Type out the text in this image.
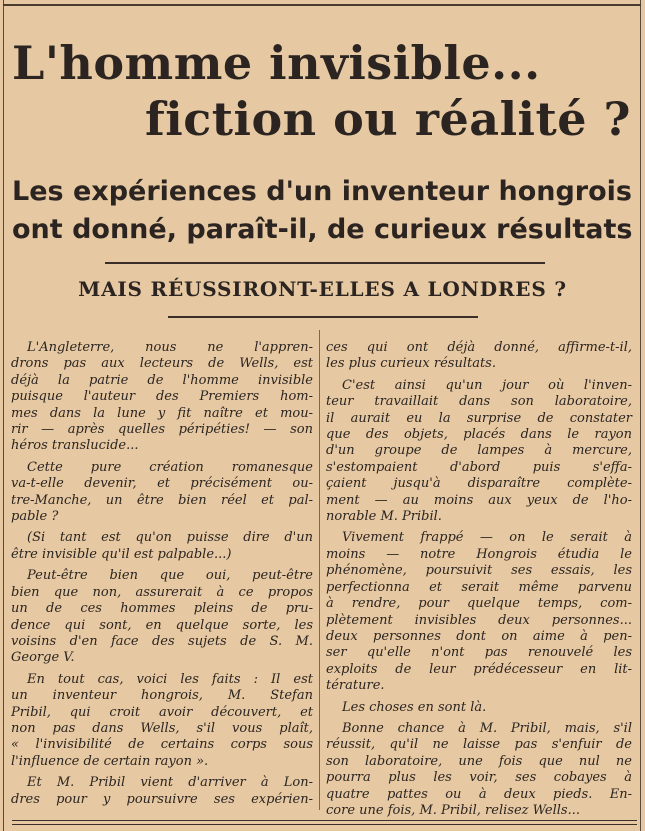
L'homme invisible...
fiction ou réalité ?
Les expériences d'un inventeur hongrois
ont donné, paraît-il, de curieux résultats
MAIS RÉUSSIRONT-ELLES A LONDRES ?
L'Angleterre, nous ne l'appren-
drons pas aux lecteurs de Wells, est
déjà la patrie de l'homme invisible
puisque l'auteur des Premiers hom-
mes dans la lune y fit naître et mou-
rir — après quelles péripéties! — son
héros translucide...
Cette pure création romanesque
va-t-elle devenir, et précisément ou-
tre-Manche, un être bien réel et pal-
pable ?
(Si tant est qu'on puisse dire d'un
être invisible qu'il est palpable...)
Peut-être bien que oui, peut-être
bien que non, assurerait à ce propos
un de ces hommes pleins de pru-
dence qui sont, en quelque sorte, les
voisins d'en face des sujets de S. M.
George V.
En tout cas, voici les faits : Il est
un inventeur hongrois, M. Stefan
Pribil, qui croit avoir découvert, et
non pas dans Wells, s'il vous plaît,
« l'invisibilité de certains corps sous
l'influence de certain rayon ».
Et M. Pribil vient d'arriver à Lon-
dres pour y poursuivre ses expérien-
ces qui ont déjà donné, affirme-t-il,
les plus curieux résultats.
C'est ainsi qu'un jour où l'inven-
teur travaillait dans son laboratoire,
il aurait eu la surprise de constater
que des objets, placés dans le rayon
d'un groupe de lampes à mercure,
s'estompaient d'abord puis s'effa-
çaient jusqu'à disparaître complète-
ment — au moins aux yeux de l'ho-
norable M. Pribil.
Vivement frappé — on le serait à
moins — notre Hongrois étudia le
phénomène, poursuivit ses essais, les
perfectionna et serait même parvenu
à rendre, pour quelque temps, com-
plètement invisibles deux personnes...
deux personnes dont on aime à pen-
ser qu'elle n'ont pas renouvelé les
exploits de leur prédécesseur en lit-
térature.
Les choses en sont là.
Bonne chance à M. Pribil, mais, s'il
réussit, qu'il ne laisse pas s'enfuir de
son laboratoire, une fois que nul ne
pourra plus les voir, ses cobayes à
quatre pattes ou à deux pieds. En-
core une fois, M. Pribil, relisez Wells...
